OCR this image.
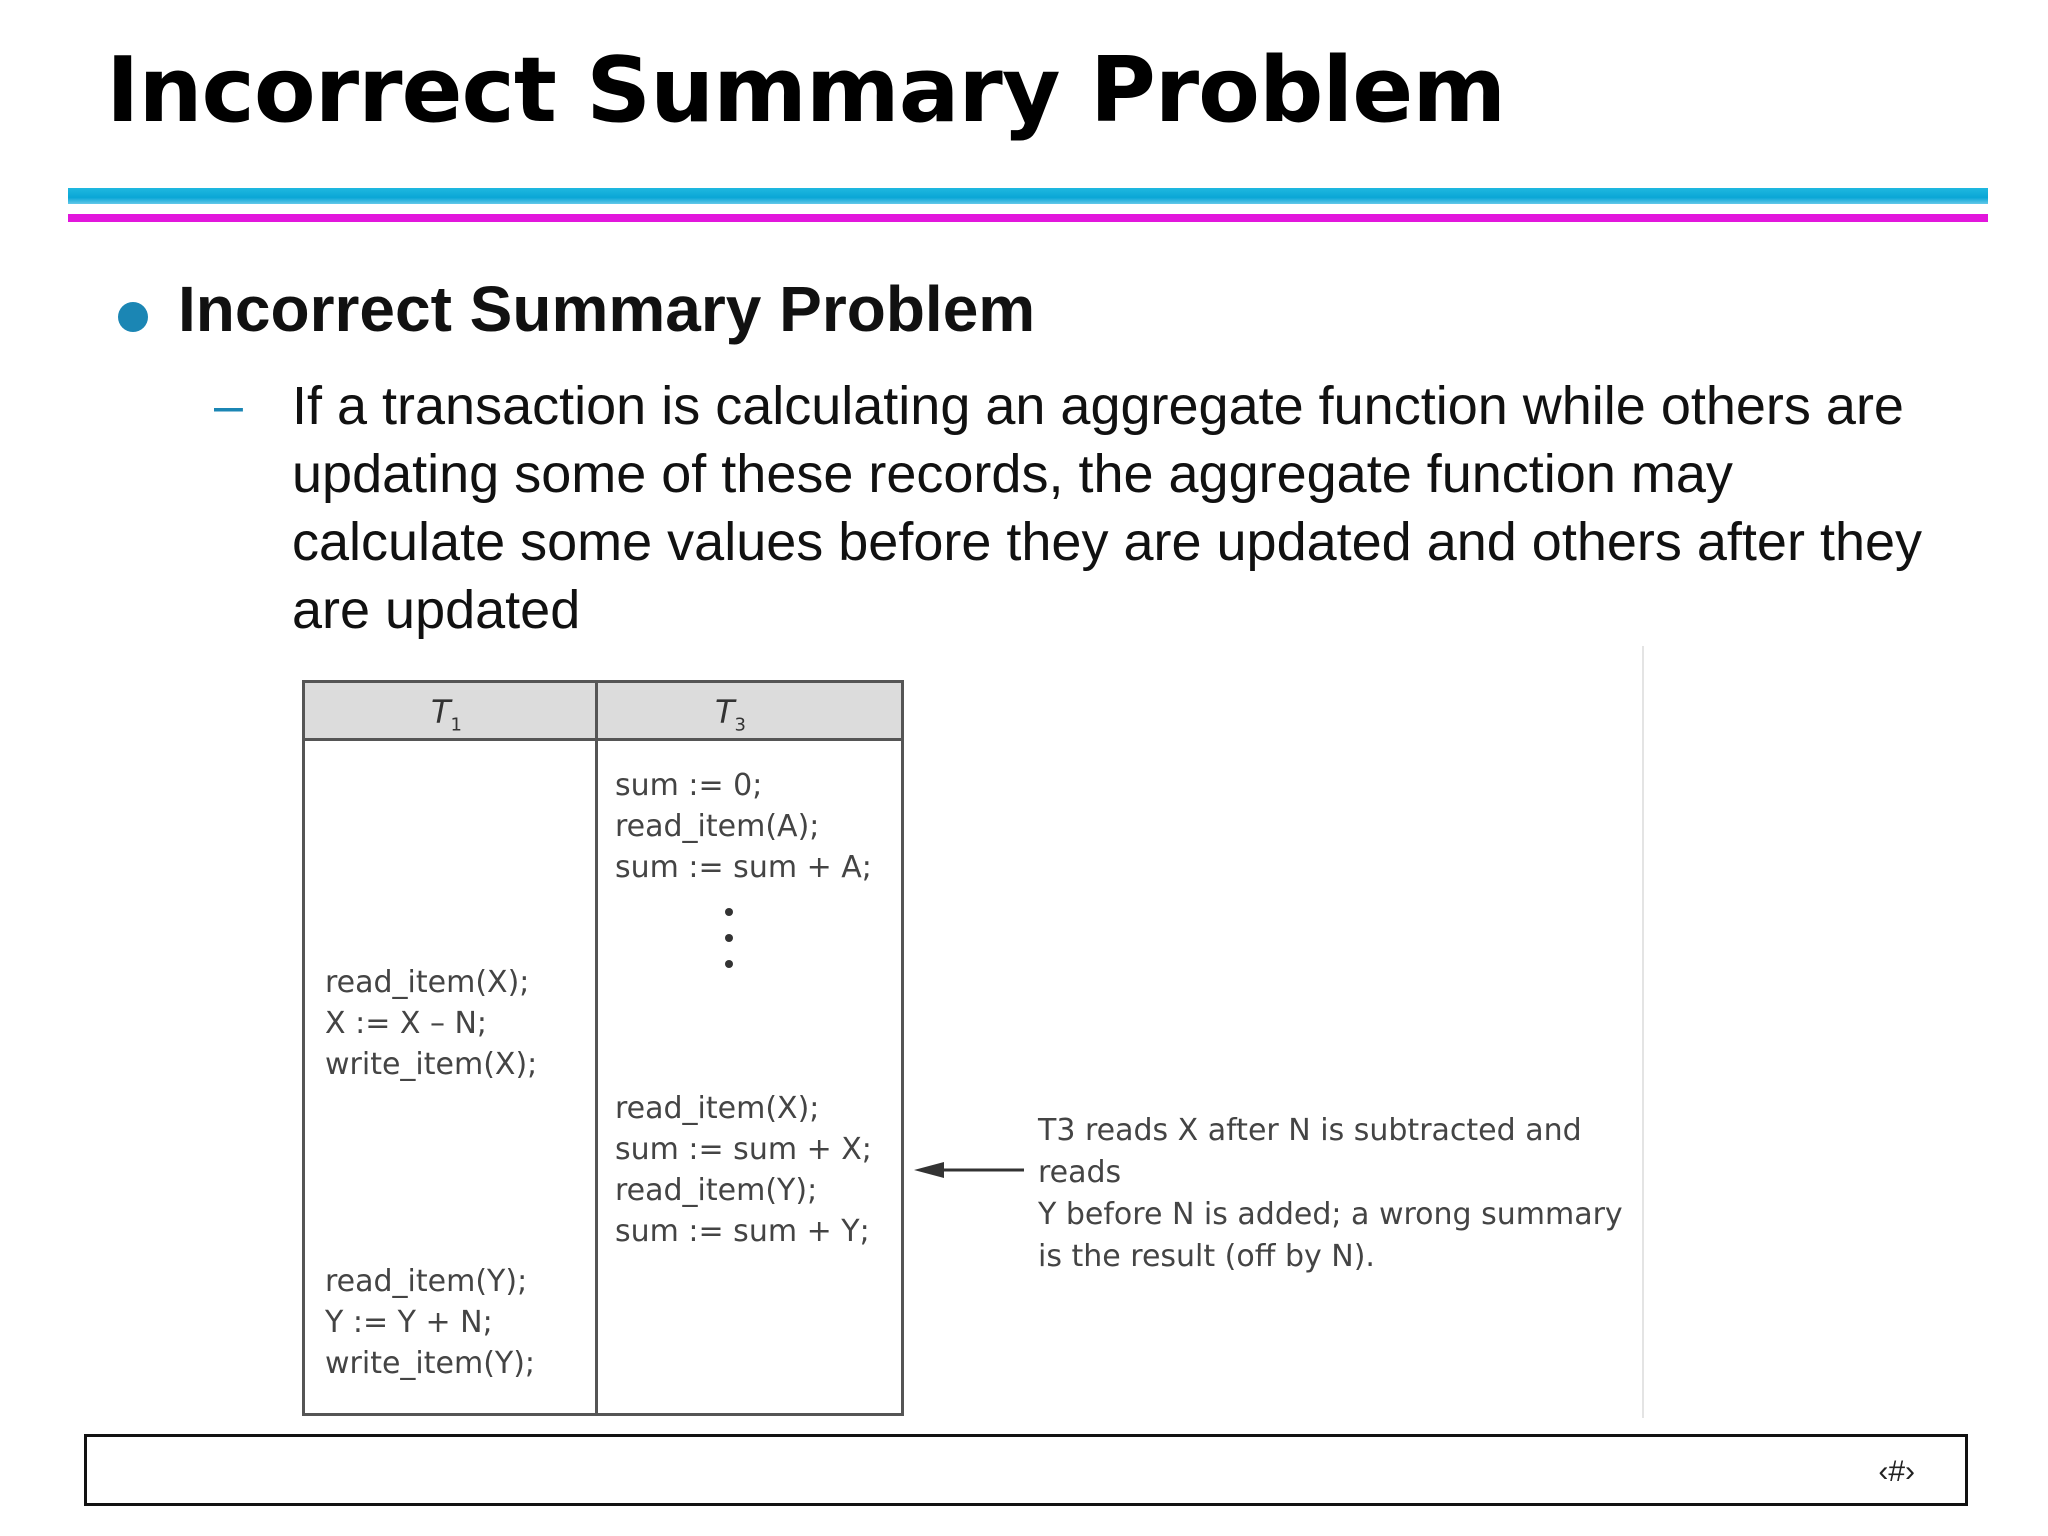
Incorrect Summary Problem
Incorrect Summary Problem
– If a transaction is calculating an aggregate function while others are updating some of these records, the aggregate function may calculate some values before they are updated and others after they are updated

$T_1$	$T_3$
sum := 0;
read_item(A);
sum := sum + A;
read_item(X);
X := X – N;
write_item(X);
read_item(X);
sum := sum + X;
read_item(Y);
sum := sum + Y;
read_item(Y);
Y := Y + N;
write_item(Y);
T3 reads X after N is subtracted and reads
Y before N is added; a wrong summary
is the result (off by N).
‹#›
